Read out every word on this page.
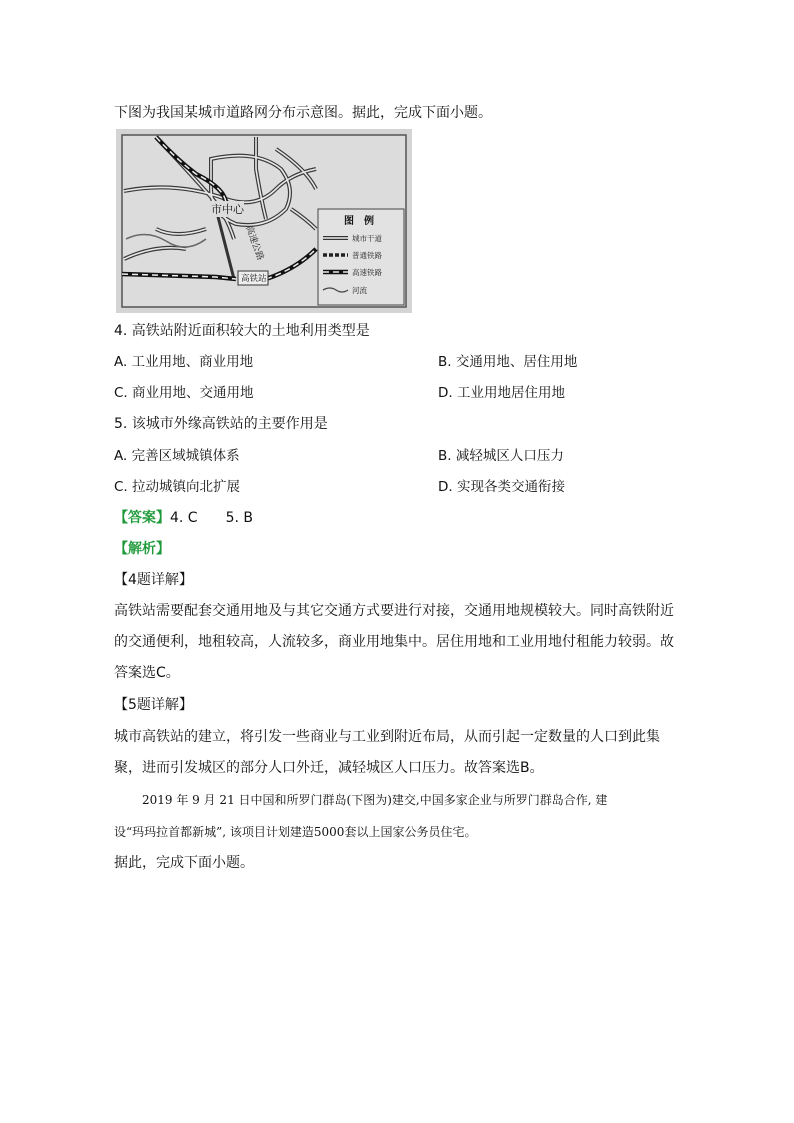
下图为我国某城市道路网分布示意图。据此，完成下面小题。
市中心
高速公路
高铁站
图　例
城市干道
普通铁路
高速铁路
河流
4. 高铁站附近面积较大的土地利用类型是
A. 工业用地、商业用地	B. 交通用地、居住用地
C. 商业用地、交通用地	D. 工业用地居住用地
5. 该城市外缘高铁站的主要作用是
A. 完善区域城镇体系	B. 减轻城区人口压力
C. 拉动城镇向北扩展	D. 实现各类交通衔接
【答案】4. C　　5. B
【解析】
【4题详解】
高铁站需要配套交通用地及与其它交通方式要进行对接，交通用地规模较大。同时高铁附近的交通便利，地租较高，人流较多，商业用地集中。居住用地和工业用地付租能力较弱。故答案选C。
【5题详解】
城市高铁站的建立，将引发一些商业与工业到附近布局，从而引起一定数量的人口到此集聚，进而引发城区的部分人口外迁，减轻城区人口压力。故答案选B。
2019 年 9 月 21 日中国和所罗门群岛(下图为)建交,中国多家企业与所罗门群岛合作, 建
设“玛玛拉首都新城”, 该项目计划建造5000套以上国家公务员住宅。
据此，完成下面小题。
